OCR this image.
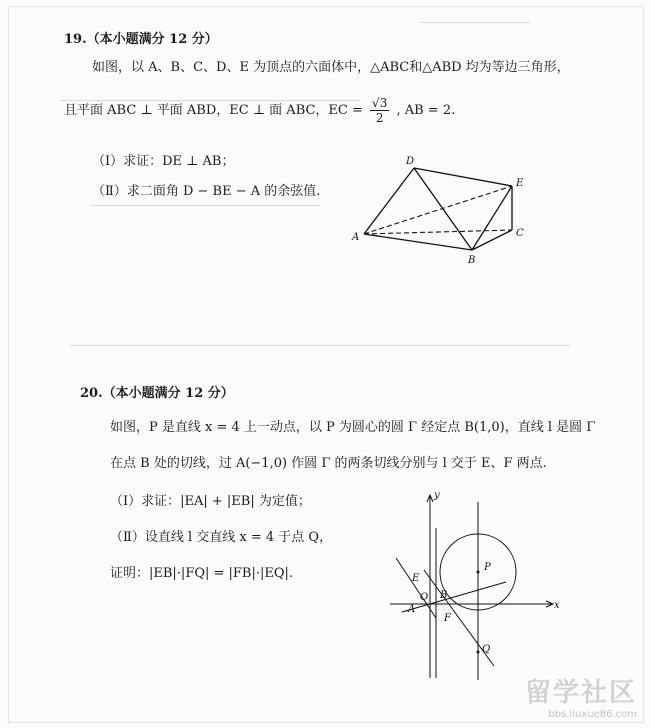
19.（本小题满分 12 分）
如图，以 A、B、C、D、E 为顶点的六面体中，△ABC和△ABD 均为等边三角形，
且平面 ABC ⊥ 平面 ABD，EC ⊥ 面 ABC，EC = $\frac{√3}{2}$ , AB = 2.
（Ⅰ）求证：DE ⊥ AB；
（Ⅱ）求二面角 D − BE − A 的余弦值.
D
E
A
B
C
20.（本小题满分 12 分）
如图，P 是直线 x = 4 上一动点，以 P 为圆心的圆 Γ 经定点 B(1,0)，直线 l 是圆 Γ
在点 B 处的切线，过 A(−1,0) 作圆 Γ 的两条切线分别与 l 交于 E、F 两点.
（Ⅰ）求证：|EA| + |EB| 为定值；
（Ⅱ）设直线 l 交直线 x = 4 于点 Q，
证明：|EB|·|FQ| = |FB|·|EQ|.
y
x
E
O B
A
F
P
Q
留学社区
bbs.liuxue86.com
